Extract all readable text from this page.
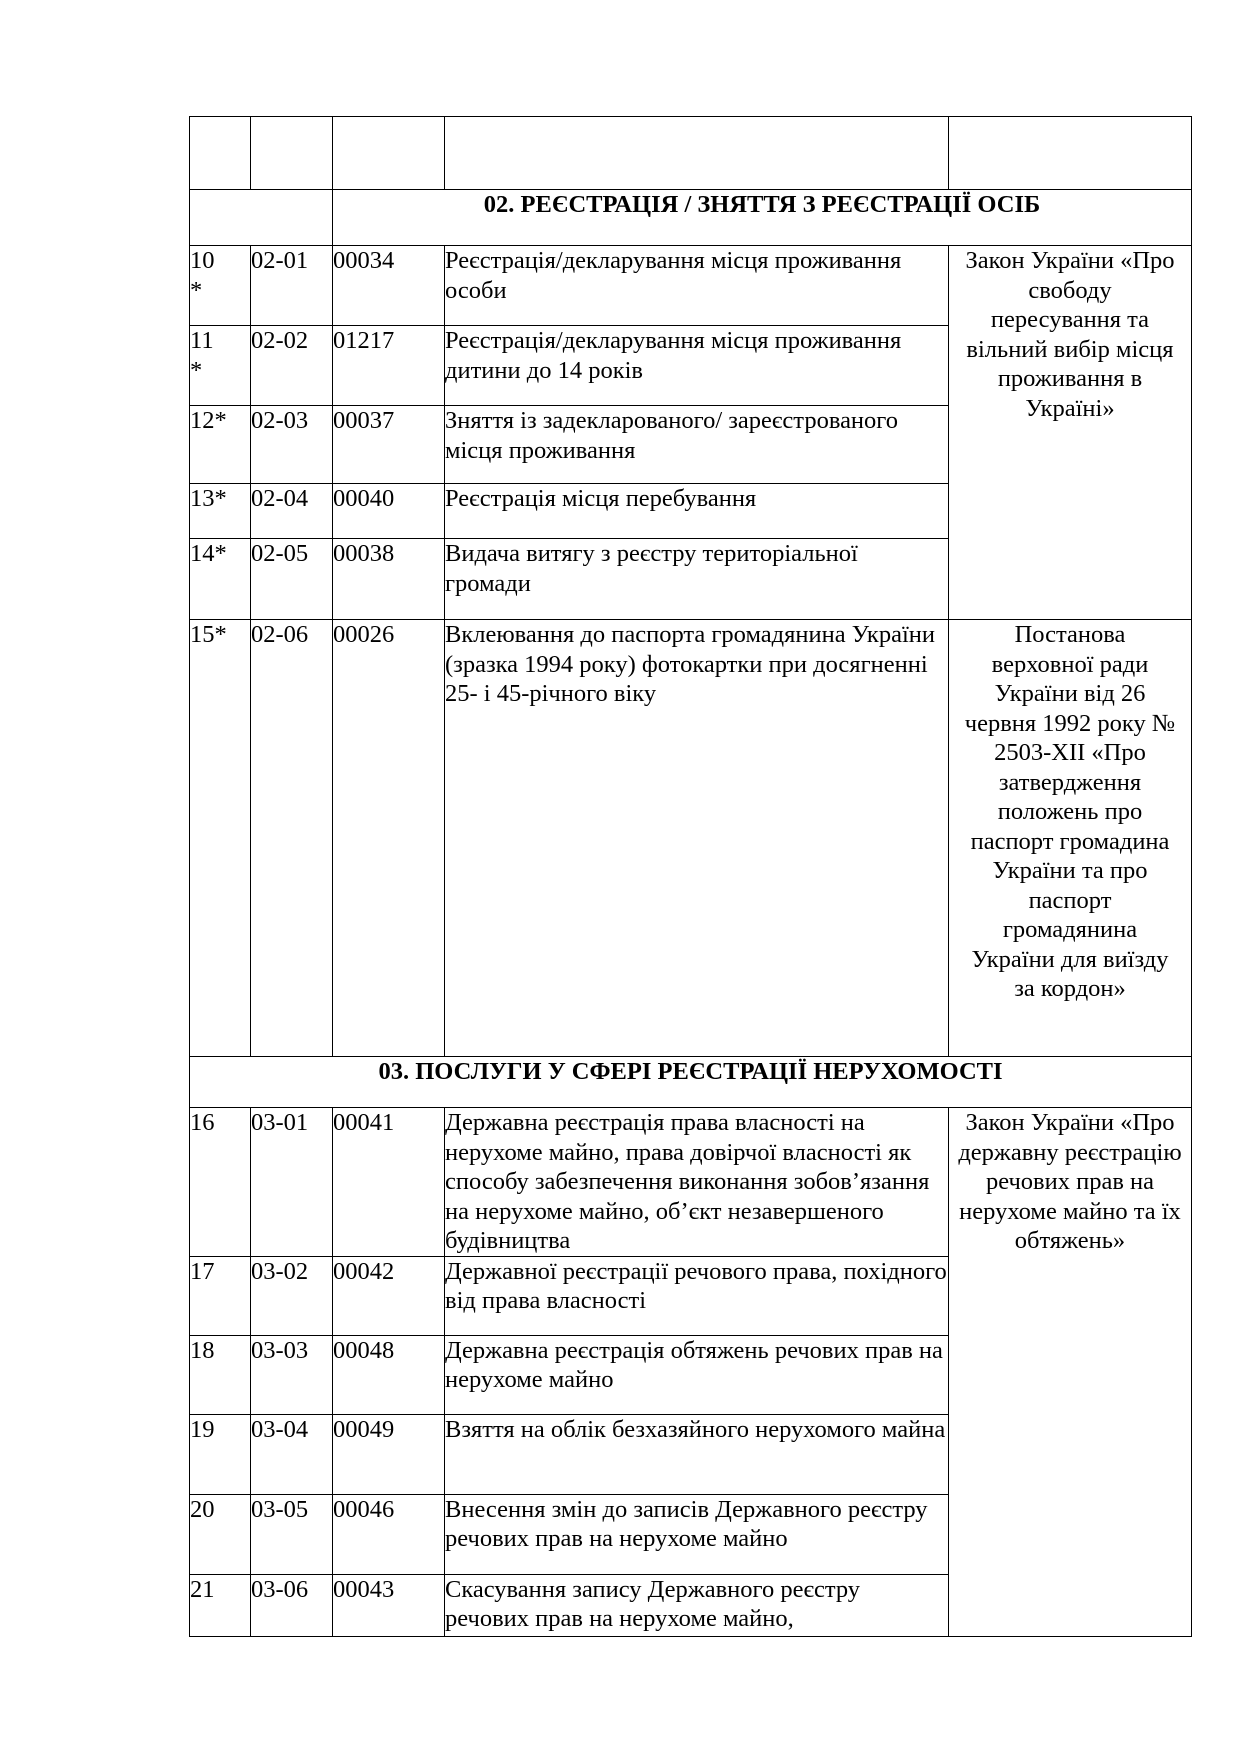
		02. РЕЄСТРАЦІЯ / ЗНЯТТЯ З РЕЄСТРАЦІЇ ОСІБ		
10 *	02-01	00034	Реєстрація/декларування місця проживання особи	Закон України «Про свободу пересування та вільний вибір місця проживання в Україні»
11 *	02-02	01217	Реєстрація/декларування місця проживання дитини до 14 років	
12*	02-03	00037	Зняття із задекларованого/ зареєстрованого місця проживання	
13*	02-04	00040	Реєстрація місця перебування	
14*	02-05	00038	Видача витягу з реєстру територіальної громади	
15*	02-06	00026	Вклеювання до паспорта громадянина України (зразка 1994 року) фотокартки при досягненні 25- і 45-річного віку	Постанова верховної ради України від 26 червня 1992 року № 2503-XII «Про затвердження положень про паспорт громадина України та про паспорт громадянина України для виїзду за кордон»
03. ПОСЛУГИ У СФЕРІ РЕЄСТРАЦІЇ НЕРУХОМОСТІ				
16	03-01	00041	Державна реєстрація права власності на нерухоме майно, права довірчої власності як способу забезпечення виконання зобов’язання на нерухоме майно, об’єкт незавершеного будівництва	Закон України «Про державну реєстрацію речових прав на нерухоме майно та їх обтяжень»
17	03-02	00042	Державної реєстрації речового права, похідного від права власності	
18	03-03	00048	Державна реєстрація обтяжень речових прав на нерухоме майно	
19	03-04	00049	Взяття на облік безхазяйного нерухомого майна	
20	03-05	00046	Внесення змін до записів Державного реєстру речових прав на нерухоме майно	
21	03-06	00043	Скасування запису Державного реєстру речових прав на нерухоме майно,	
